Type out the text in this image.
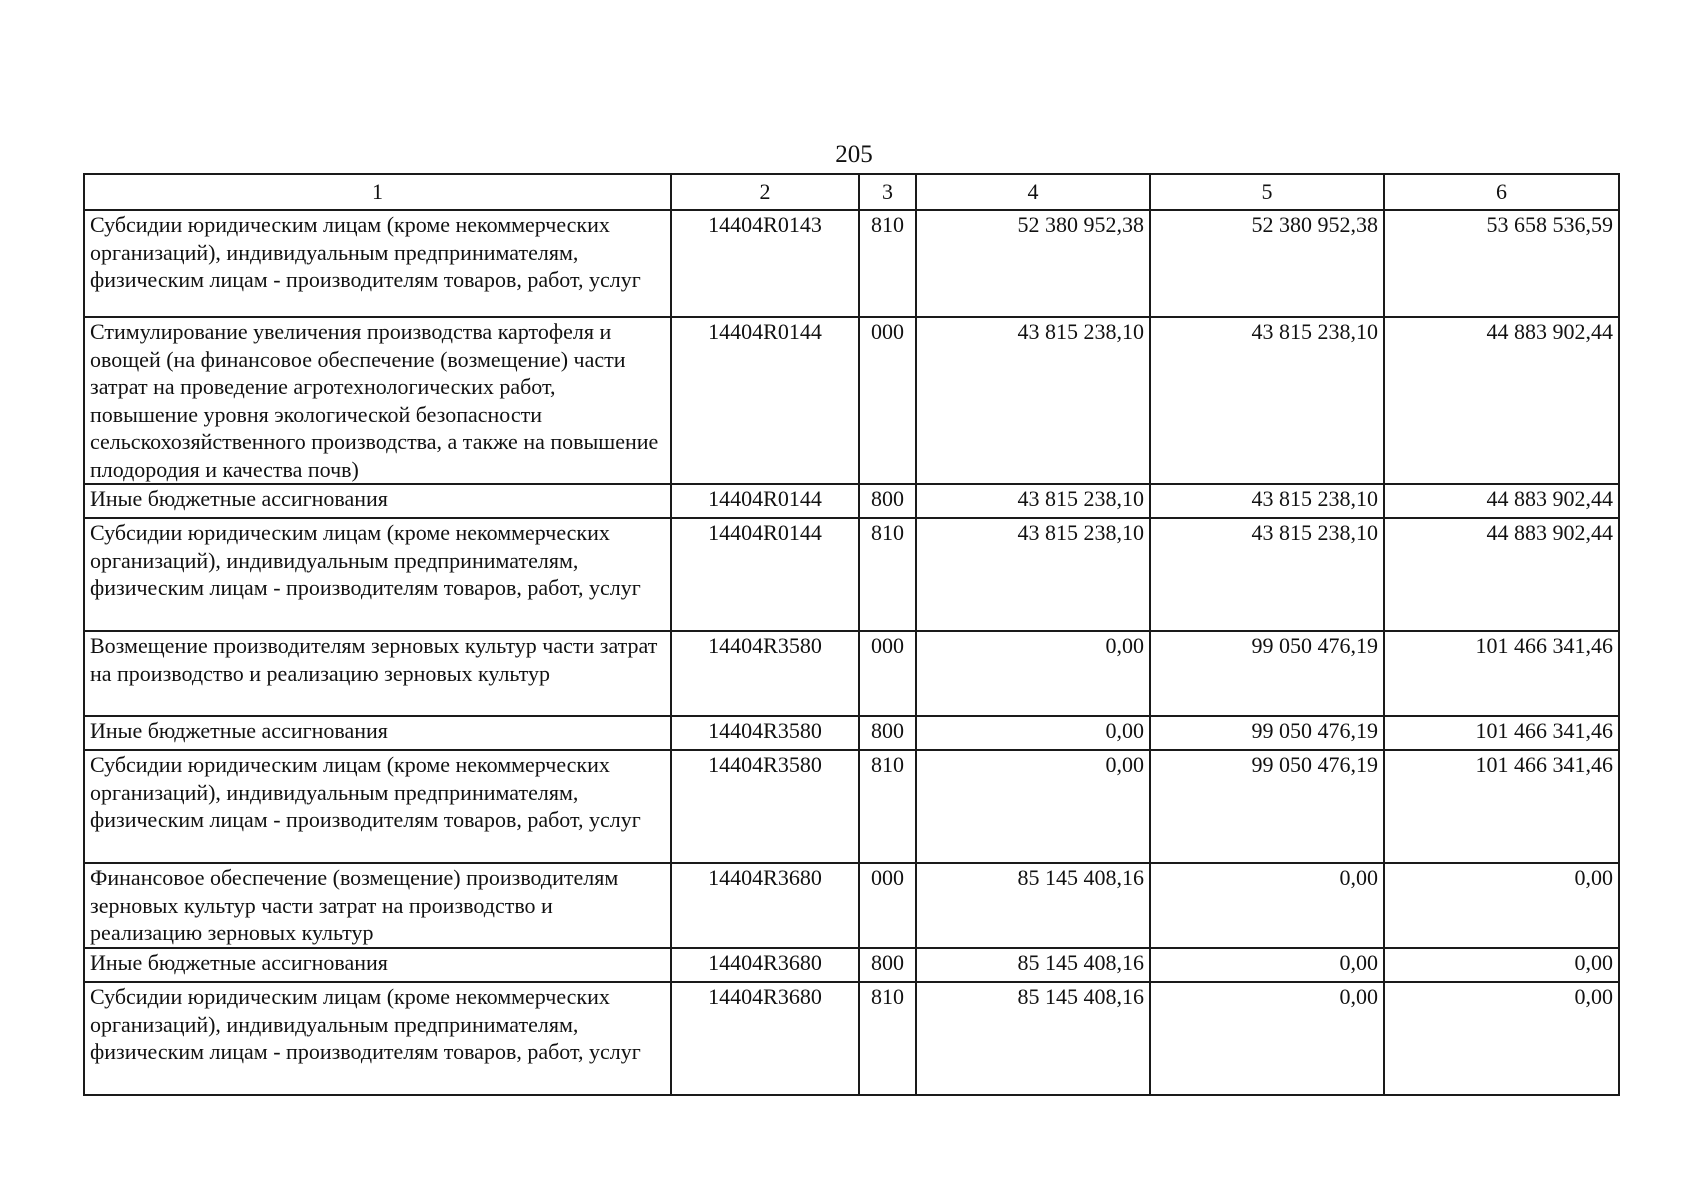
205
1	2	3	4	5	6
Субсидии юридическим лицам (кроме некоммерческих организаций), индивидуальным предпринимателям, физическим лицам - производителям товаров, работ, услуг	14404R0143	810	52 380 952,38	52 380 952,38	53 658 536,59
Стимулирование увеличения производства картофеля и овощей (на финансовое обеспечение (возмещение) части затрат на проведение агротехнологических работ, повышение уровня экологической безопасности сельскохозяйственного производства, а также на повышение плодородия и качества почв)	14404R0144	000	43 815 238,10	43 815 238,10	44 883 902,44
Иные бюджетные ассигнования	14404R0144	800	43 815 238,10	43 815 238,10	44 883 902,44
Субсидии юридическим лицам (кроме некоммерческих организаций), индивидуальным предпринимателям, физическим лицам - производителям товаров, работ, услуг	14404R0144	810	43 815 238,10	43 815 238,10	44 883 902,44
Возмещение производителям зерновых культур части затрат на производство и реализацию зерновых культур	14404R3580	000	0,00	99 050 476,19	101 466 341,46
Иные бюджетные ассигнования	14404R3580	800	0,00	99 050 476,19	101 466 341,46
Субсидии юридическим лицам (кроме некоммерческих организаций), индивидуальным предпринимателям, физическим лицам - производителям товаров, работ, услуг	14404R3580	810	0,00	99 050 476,19	101 466 341,46
Финансовое обеспечение (возмещение) производителям зерновых культур части затрат на производство и реализацию зерновых культур	14404R3680	000	85 145 408,16	0,00	0,00
Иные бюджетные ассигнования	14404R3680	800	85 145 408,16	0,00	0,00
Субсидии юридическим лицам (кроме некоммерческих организаций), индивидуальным предпринимателям, физическим лицам - производителям товаров, работ, услуг	14404R3680	810	85 145 408,16	0,00	0,00
